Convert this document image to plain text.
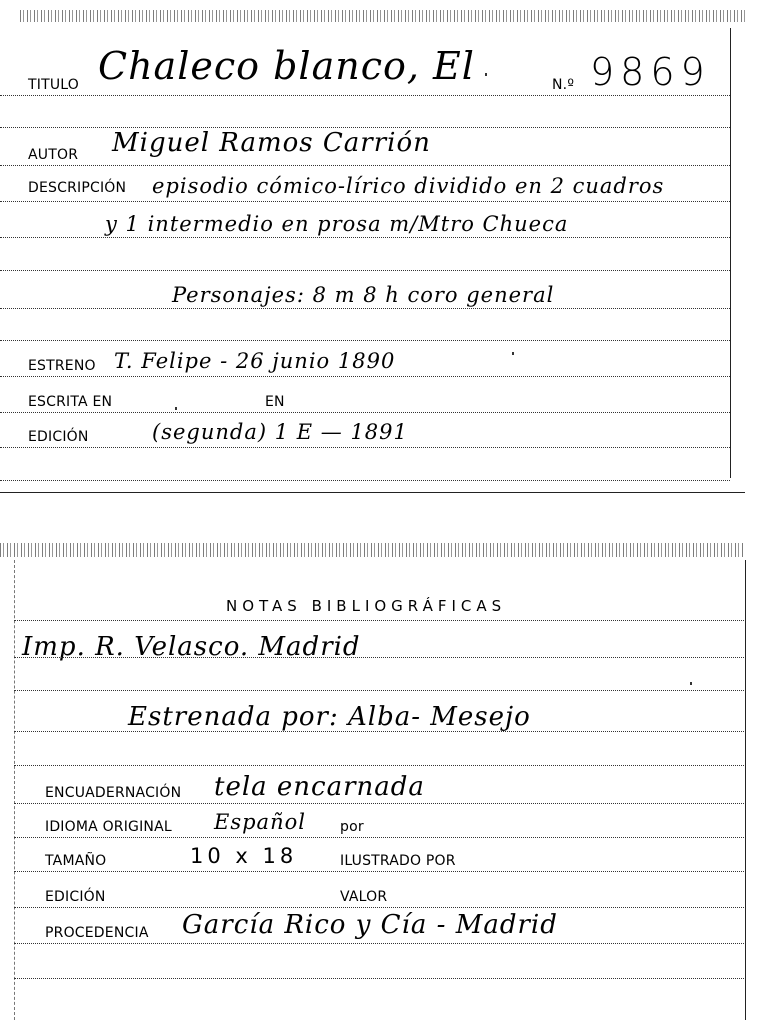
TITULO Chaleco blanco, El	N.º 9869
AUTOR Miguel Ramos Carrión
DESCRIPCIÓN episodio cómico-lírico dividido en 2 cuadros
y 1 intermedio en prosa m/Mtro Chueca
Personajes: 8 m 8 h coro general
ESTRENO T. Felipe - 26 junio 1890
ESCRITA EN	EN
EDICIÓN	(segunda) 1 E — 1891
NOTAS BIBLIOGRÁFICAS
Imp. R. Velasco. Madrid
Estrenada por: Alba- Mesejo
ENCUADERNACIÓN tela encarnada
IDIOMA ORIGINAL Español por
TAMAÑO	10 x 18	ILUSTRADO POR
EDICIÓN	VALOR
PROCEDENCIA García Rico y Cía - Madrid
